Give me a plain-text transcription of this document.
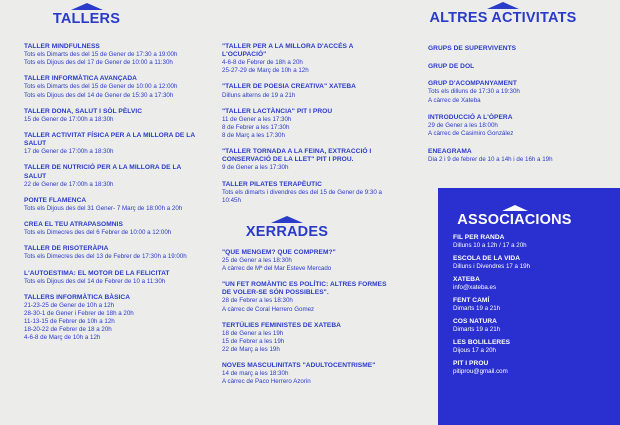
TALLERS
TALLER MINDFULNESS
Tots els Dimarts des del 15 de Gener de 17:30 a 19:00h
Tots els Dijous des del 17 de Gener de 10:00 a 11:30h
TALLER INFORMÀTICA AVANÇADA
Tots els Dimarts des del 15 de Gener de 10:00 a 12:00h
Tots els Dijous des del 14 de Gener de 15:30 a 17:30h
TALLER DONA, SALUT I SÒL PÈLVIC
15 de Gener de 17:00h a 18:30h
TALLER ACTIVITAT FÍSICA PER A LA MILLORA DE LA SALUT
17 de Gener de 17:00h a 18:30h
TALLER DE NUTRICIÓ PER A LA MILLORA DE LA SALUT
22 de Gener de 17:00h a 18:30h
PONTE FLAMENCA
Tots els Dijous des del 31 Gener- 7 Març de 18:00h a 20h
CREA EL TEU ATRAPASOMNIS
Tots els Dimecres des del 6 Febrer de 10:00 a 12:00h
TALLER DE RISOTERÀPIA
Tots els Dimecres des del 13 de Febrer de 17:30h a 19:00h
L'AUTOESTIMA: EL MOTOR DE LA FELICITAT
Tots els Dijous des del 14 de Febrer de 10 a 11:30h
TALLERS INFORMÀTICA BÀSICA
21-23-25 de Gener de 10h a 12h
28-30-1 de Gener i Febrer de 18h a 20h
11-13-15 de Febrer de 10h a 12h
18-20-22 de Febrer de 18 a 20h
4-6-8 de Març de 10h a 12h
"TALLER PER A LA MILLORA D'ACCÉS A L'OCUPACIÓ"
4-6-8 de Febrer de 18h a 20h
25-27-29 de Març de 10h a 12h
"TALLER DE POESIA CREATIVA" XATEBA
Dilluns alterns de 19 a 21h
"TALLER LACTÀNCIA" PIT I PROU
11 de Gener a les 17:30h
8 de Febrer a les 17:30h
8 de Març a les 17:30h
"TALLER TORNADA A LA FEINA, EXTRACCIÓ I CONSERVACIÓ DE LA LLET" PIT I PROU.
9 de Gener a les 17:30h
TALLER PILATES TERAPÈUTIC
Tots els dimarts i divendres des del 15 de Gener de 9:30 a 10:45h
XERRADES
"QUE MENGEM? QUE COMPREM?"
25 de Gener a les 18:30h
A càrrec de Mª del Mar Esteve Mercado
"UN FET ROMÀNTIC ES POLÍTIC: ALTRES FORMES DE VOLER-SE SÓN POSSIBLES".
28 de Febrer a les 18:30h
A càrrec de Coral Herrero Gomez
TERTÚLIES FEMINISTES DE XATEBA
18 de Gener a les 19h
15 de Febrer a les 19h
22 de Març a les 19h
NOVES MASCULINITATS "ADULTOCENTRISME"
14 de març a les 18:30h
A càrrec de Paco Herrero Azorin
ALTRES ACTIVITATS
GRUPS DE SUPERVIVENTS
GRUP DE DOL
GRUP D'ACOMPANYAMENT
Tots els dilluns de 17:30 a 19:30h
A càrrec de Xateba
INTRODUCCIÓ A L'ÒPERA
29 de Gener a les 18:00h
A càrrec de Casimiro González
ENEAGRAMA
Dia 2 i 9 de febrer de 10 a 14h i de 16h a 19h
ASSOCIACIONS
FIL PER RANDA
Dilluns 10 a 12h / 17 a 20h
ESCOLA DE LA VIDA
Dilluns i Divendres 17 a 19h
XATEBA
info@xateba.es
FENT CAMÍ
Dimarts 19 a 21h
COS NATURA
Dimarts 19 a 21h
LES BOLILLERES
Dijous 17 a 20h
PIT I PROU
pitiprou@gmail.com
